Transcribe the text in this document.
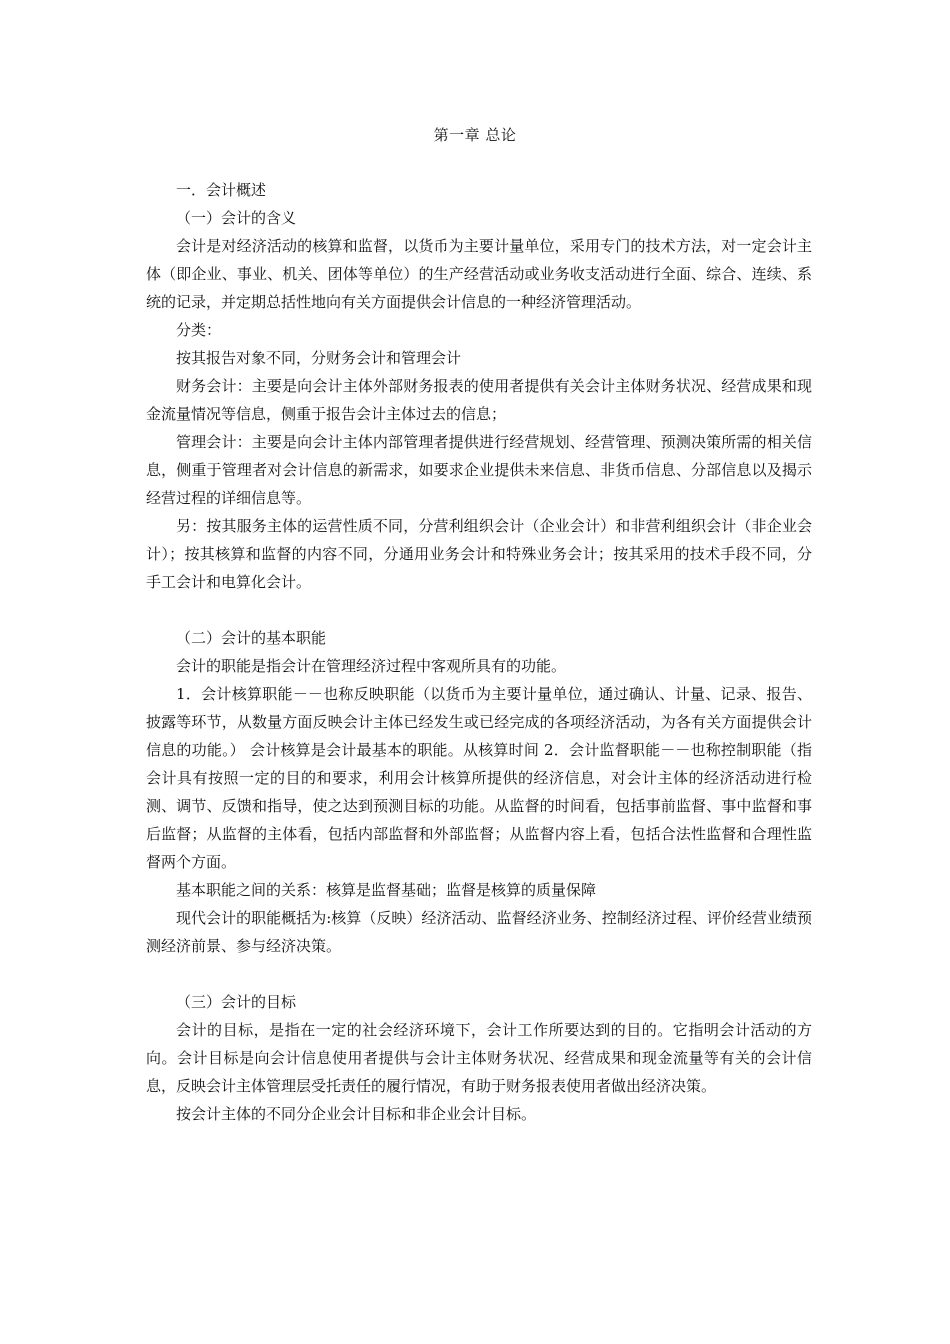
第一章 总论

一．会计概述

（一）会计的含义

会计是对经济活动的核算和监督，以货币为主要计量单位，采用专门的技术方法，对一定会计主体（即企业、事业、机关、团体等单位）的生产经营活动或业务收支活动进行全面、综合、连续、系统的记录，并定期总括性地向有关方面提供会计信息的一种经济管理活动。

分类：

按其报告对象不同，分财务会计和管理会计

财务会计：主要是向会计主体外部财务报表的使用者提供有关会计主体财务状况、经营成果和现金流量情况等信息，侧重于报告会计主体过去的信息；

管理会计：主要是向会计主体内部管理者提供进行经营规划、经营管理、预测决策所需的相关信息，侧重于管理者对会计信息的新需求，如要求企业提供未来信息、非货币信息、分部信息以及揭示经营过程的详细信息等。

另：按其服务主体的运营性质不同，分营利组织会计（企业会计）和非营利组织会计（非企业会计）；按其核算和监督的内容不同，分通用业务会计和特殊业务会计；按其采用的技术手段不同，分手工会计和电算化会计。

（二）会计的基本职能

会计的职能是指会计在管理经济过程中客观所具有的功能。

1．会计核算职能－－也称反映职能（以货币为主要计量单位，通过确认、计量、记录、报告、披露等环节，从数量方面反映会计主体已经发生或已经完成的各项经济活动，为各有关方面提供会计信息的功能。） 会计核算是会计最基本的职能。从核算时间 2．会计监督职能－－也称控制职能（指会计具有按照一定的目的和要求，利用会计核算所提供的经济信息，对会计主体的经济活动进行检测、调节、反馈和指导，使之达到预测目标的功能。从监督的时间看，包括事前监督、事中监督和事后监督；从监督的主体看，包括内部监督和外部监督；从监督内容上看，包括合法性监督和合理性监督两个方面。

基本职能之间的关系：核算是监督基础；监督是核算的质量保障

现代会计的职能概括为:核算（反映）经济活动、监督经济业务、控制经济过程、评价经营业绩预测经济前景、参与经济决策。

（三）会计的目标

会计的目标，是指在一定的社会经济环境下，会计工作所要达到的目的。它指明会计活动的方向。会计目标是向会计信息使用者提供与会计主体财务状况、经营成果和现金流量等有关的会计信息，反映会计主体管理层受托责任的履行情况，有助于财务报表使用者做出经济决策。

按会计主体的不同分企业会计目标和非企业会计目标。
